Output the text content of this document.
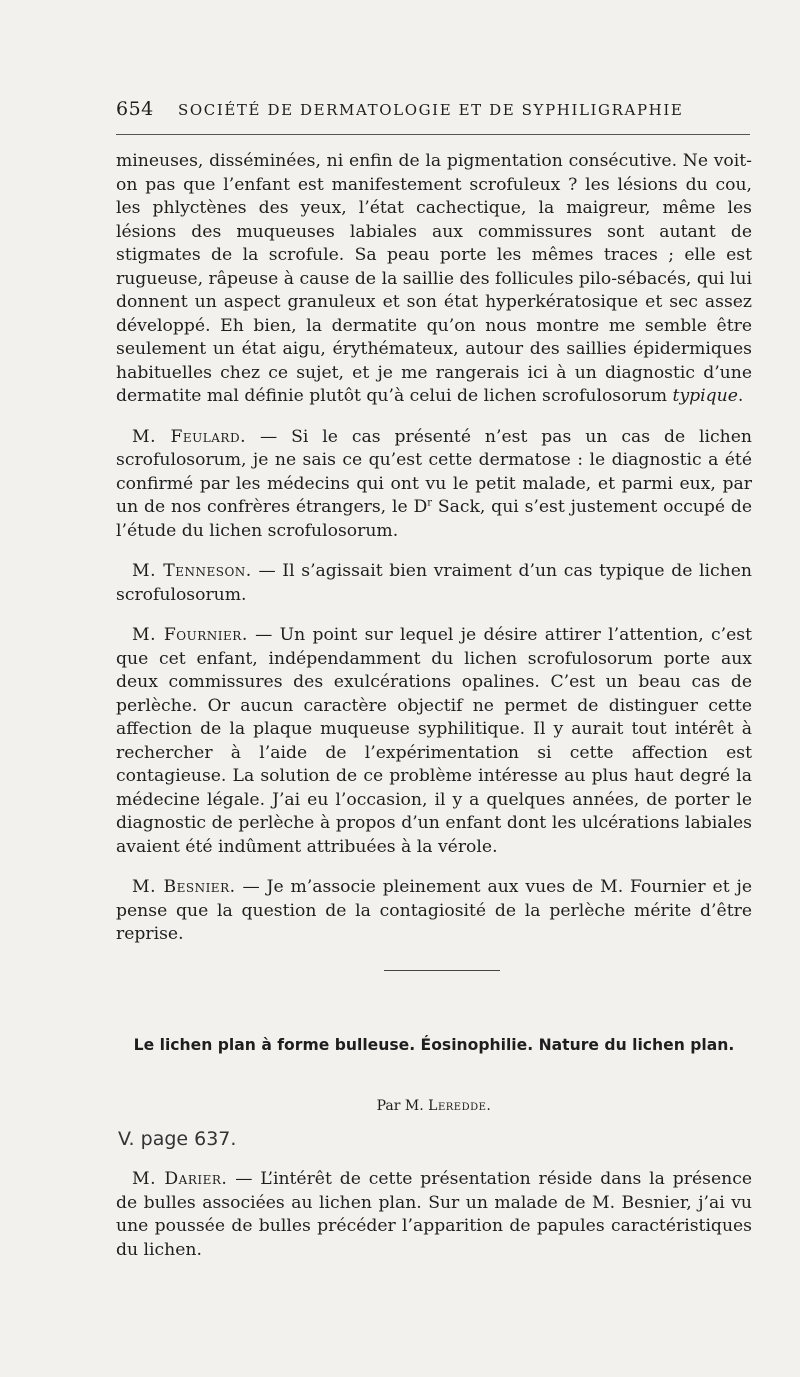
654 SOCIÉTÉ DE DERMATOLOGIE ET DE SYPHILIGRAPHIE

mineuses, disséminées, ni enfin de la pigmentation consécutive. Ne voit-on pas que l’enfant est manifestement scrofuleux ? les lésions du cou, les phlyctènes des yeux, l’état cachectique, la maigreur, même les lésions des muqueuses labiales aux commissures sont autant de stigmates de la scrofule. Sa peau porte les mêmes traces ; elle est rugueuse, râpeuse à cause de la saillie des follicules pilo-sébacés, qui lui donnent un aspect granuleux et son état hyperkératosique et sec assez développé. Eh bien, la dermatite qu’on nous montre me semble être seulement un état aigu, érythémateux, autour des saillies épidermiques habituelles chez ce sujet, et je me rangerais ici à un diagnostic d’une dermatite mal définie plutôt qu’à celui de lichen scrofulosorum typique.

M. Feulard. — Si le cas présenté n’est pas un cas de lichen scrofulosorum, je ne sais ce qu’est cette dermatose : le diagnostic a été confirmé par les médecins qui ont vu le petit malade, et parmi eux, par un de nos confrères étrangers, le $D^r$ Sack, qui s’est justement occupé de l’étude du lichen scrofulosorum.

M. Tenneson. — Il s’agissait bien vraiment d’un cas typique de lichen scrofulosorum.

M. Fournier. — Un point sur lequel je désire attirer l’attention, c’est que cet enfant, indépendamment du lichen scrofulosorum porte aux deux commissures des exulcérations opalines. C’est un beau cas de perlèche. Or aucun caractère objectif ne permet de distinguer cette affection de la plaque muqueuse syphilitique. Il y aurait tout intérêt à rechercher à l’aide de l’expérimentation si cette affection est contagieuse. La solution de ce problème intéresse au plus haut degré la médecine légale. J’ai eu l’occasion, il y a quelques années, de porter le diagnostic de perlèche à propos d’un enfant dont les ulcérations labiales avaient été indûment attribuées à la vérole.

M. Besnier. — Je m’associe pleinement aux vues de M. Fournier et je pense que la question de la contagiosité de la perlèche mérite d’être reprise.

Le lichen plan à forme bulleuse. Éosinophilie. Nature du lichen plan.
Par M. Leredde.
V. page 637.
M. Darier. — L’intérêt de cette présentation réside dans la présence de bulles associées au lichen plan. Sur un malade de M. Besnier, j’ai vu une poussée de bulles précéder l’apparition de papules caractéristiques du lichen.
